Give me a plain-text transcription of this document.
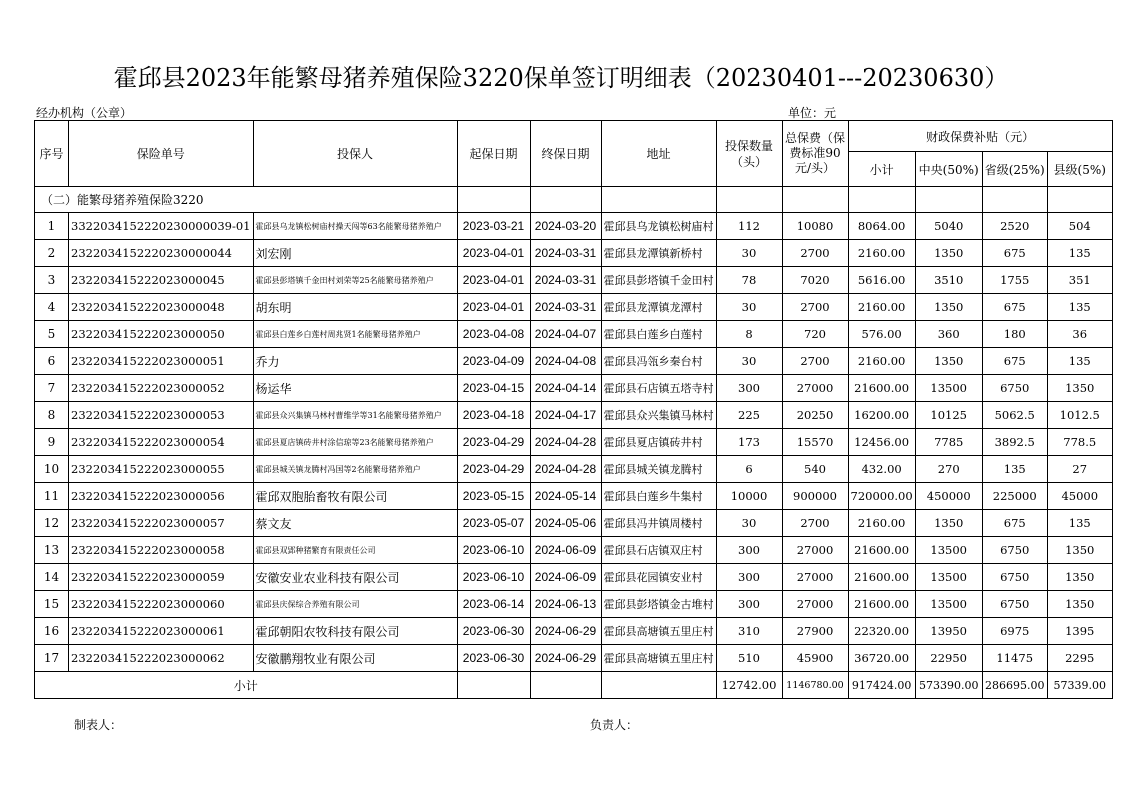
霍邱县2023年能繁母猪养殖保险3220保单签订明细表（20230401---20230630）
经办机构（公章）	单位：元
序号	保险单号	投保人	起保日期	终保日期	地址	投保数量（头）	总保费（保费标准90元/头）	财政保费补贴（元）			
								小计	中央(50%)	省级(25%)	县级(5%)
（二）能繁母猪养殖保险3220											
1	3322034152220230000039-01	霍邱县乌龙镇松树庙村操天闯等63名能繁母猪养殖户	2023-03-21	2024-03-20	霍邱县乌龙镇松树庙村	112	10080	8064.00	5040	2520	504
2	23220341522202300000​44	刘宏刚	2023-04-01	2024-03-31	霍邱县龙潭镇新桥村	30	2700	2160.00	1350	675	135
3	232203415222023000045	霍邱县彭塔镇千金田村刘荣等25名能繁母猪养殖户	2023-04-01	2024-03-31	霍邱县彭塔镇千金田村	78	7020	5616.00	3510	1755	351
4	232203415222023000048	胡东明	2023-04-01	2024-03-31	霍邱县龙潭镇龙潭村	30	2700	2160.00	1350	675	135
5	232203415222023000050	霍邱县白莲乡白莲村周兆贤1名能繁母猪养殖户	2023-04-08	2024-04-07	霍邱县白莲乡白莲村	8	720	576.00	360	180	36
6	232203415222023000051	乔力	2023-04-09	2024-04-08	霍邱县冯瓴乡秦台村	30	2700	2160.00	1350	675	135
7	232203415222023000052	杨运华	2023-04-15	2024-04-14	霍邱县石店镇五塔寺村	300	27000	21600.00	13500	6750	1350
8	232203415222023000053	霍邱县众兴集镇马林村曹维学等31名能繁母猪养殖户	2023-04-18	2024-04-17	霍邱县众兴集镇马林村	225	20250	16200.00	10125	5062.5	1012.5
9	232203415222023000054	霍邱县夏店镇砖井村涂信琼等23名能繁母猪养殖户	2023-04-29	2024-04-28	霍邱县夏店镇砖井村	173	15570	12456.00	7785	3892.5	778.5
10	232203415222023000055	霍邱县城关镇龙腾村冯国等2名能繁母猪养殖户	2023-04-29	2024-04-28	霍邱县城关镇龙腾村	6	540	432.00	270	135	27
11	232203415222023000056	霍邱双胞胎畜牧有限公司	2023-05-15	2024-05-14	霍邱县白莲乡牛集村	10000	900000	720000.00	450000	225000	45000
12	232203415222023000057	蔡文友	2023-05-07	2024-05-06	霍邱县冯井镇周楼村	30	2700	2160.00	1350	675	135
13	232203415222023000058	霍邱县双郢种猪繁育有限责任公司	2023-06-10	2024-06-09	霍邱县石店镇双庄村	300	27000	21600.00	13500	6750	1350
14	232203415222023000059	安徽安业农业科技有限公司	2023-06-10	2024-06-09	霍邱县花园镇安业村	300	27000	21600.00	13500	6750	1350
15	232203415222023000060	霍邱县庆保综合养殖有限公司	2023-06-14	2024-06-13	霍邱县彭塔镇金古堆村	300	27000	21600.00	13500	6750	1350
16	232203415222023000061	霍邱朝阳农牧科技有限公司	2023-06-30	2024-06-29	霍邱县高塘镇五里庄村	310	27900	22320.00	13950	6975	1395
17	232203415222023000062	安徽鹏翔牧业有限公司	2023-06-30	2024-06-29	霍邱县高塘镇五里庄村	510	45900	36720.00	22950	11475	2295
小计						12742.00	1146780.00	917424.00	573390.00	286695.00	57339.00
制表人：	负责人：
